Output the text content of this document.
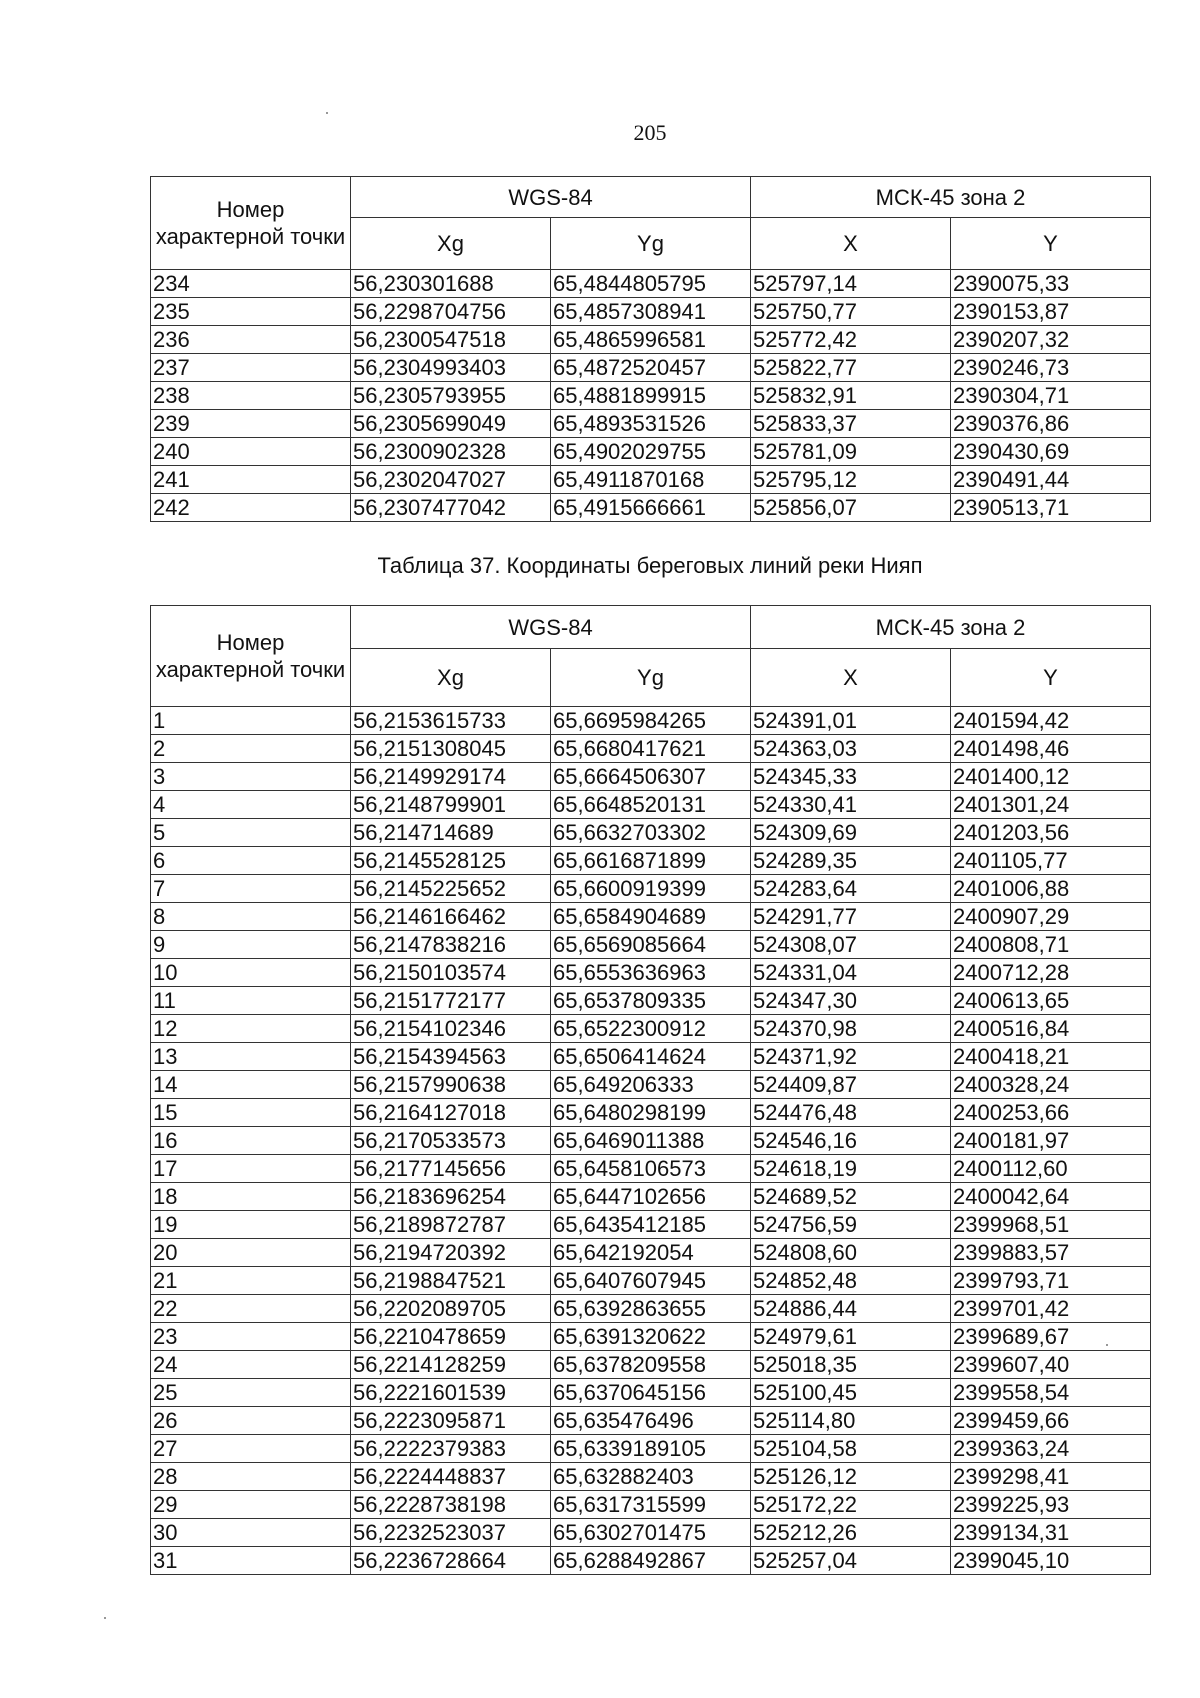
205
Номер характерной точки	WGS-84		МСК-45 зона 2	
	Xg	Yg	X	Y
234	56,230301688	65,4844805795	525797,14	2390075,33
235	56,2298704756	65,4857308941	525750,77	2390153,87
236	56,2300547518	65,4865996581	525772,42	2390207,32
237	56,2304993403	65,4872520457	525822,77	2390246,73
238	56,2305793955	65,4881899915	525832,91	2390304,71
239	56,2305699049	65,4893531526	525833,37	2390376,86
240	56,2300902328	65,4902029755	525781,09	2390430,69
241	56,2302047027	65,4911870168	525795,12	2390491,44
242	56,2307477042	65,4915666661	525856,07	2390513,71
Таблица 37. Координаты береговых линий реки Нияп
Номер характерной точки	WGS-84		МСК-45 зона 2	
	Xg	Yg	X	Y
1	56,2153615733	65,6695984265	524391,01	2401594,42
2	56,2151308045	65,6680417621	524363,03	2401498,46
3	56,2149929174	65,6664506307	524345,33	2401400,12
4	56,2148799901	65,6648520131	524330,41	2401301,24
5	56,214714689	65,6632703302	524309,69	2401203,56
6	56,2145528125	65,6616871899	524289,35	2401105,77
7	56,2145225652	65,6600919399	524283,64	2401006,88
8	56,2146166462	65,6584904689	524291,77	2400907,29
9	56,2147838216	65,6569085664	524308,07	2400808,71
10	56,2150103574	65,6553636963	524331,04	2400712,28
11	56,2151772177	65,6537809335	524347,30	2400613,65
12	56,2154102346	65,6522300912	524370,98	2400516,84
13	56,2154394563	65,6506414624	524371,92	2400418,21
14	56,2157990638	65,649206333	524409,87	2400328,24
15	56,2164127018	65,6480298199	524476,48	2400253,66
16	56,2170533573	65,6469011388	524546,16	2400181,97
17	56,2177145656	65,6458106573	524618,19	2400112,60
18	56,2183696254	65,6447102656	524689,52	2400042,64
19	56,2189872787	65,6435412185	524756,59	2399968,51
20	56,2194720392	65,642192054	524808,60	2399883,57
21	56,2198847521	65,6407607945	524852,48	2399793,71
22	56,2202089705	65,6392863655	524886,44	2399701,42
23	56,2210478659	65,6391320622	524979,61	2399689,67
24	56,2214128259	65,6378209558	525018,35	2399607,40
25	56,2221601539	65,6370645156	525100,45	2399558,54
26	56,2223095871	65,635476496	525114,80	2399459,66
27	56,2222379383	65,6339189105	525104,58	2399363,24
28	56,2224448837	65,632882403	525126,12	2399298,41
29	56,2228738198	65,6317315599	525172,22	2399225,93
30	56,2232523037	65,6302701475	525212,26	2399134,31
31	56,2236728664	65,6288492867	525257,04	2399045,10
